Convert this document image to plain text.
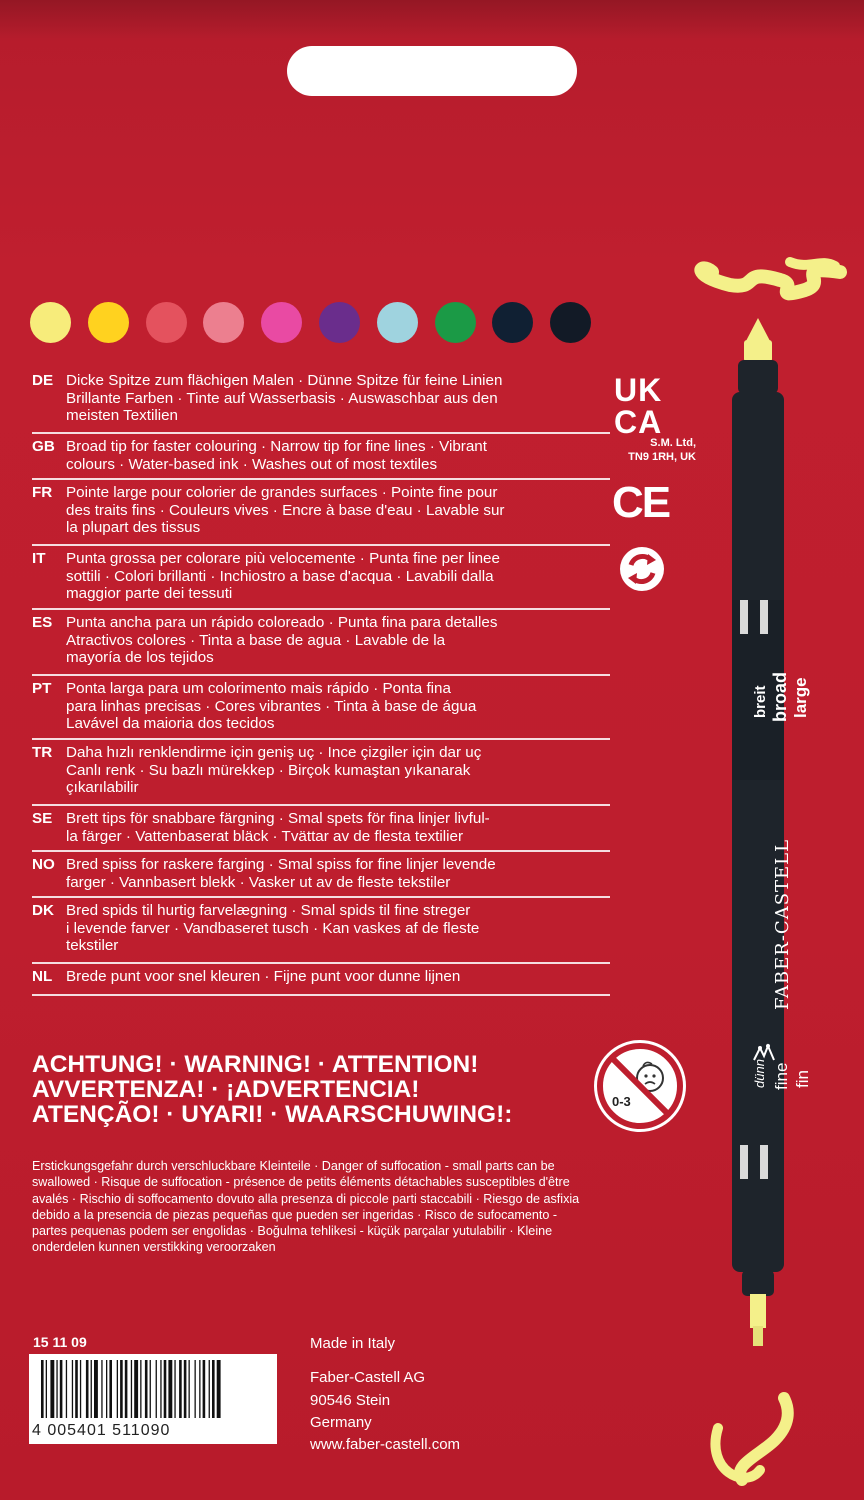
DE Dicke Spitze zum flächigen Malen · Dünne Spitze für feine Linien
Brillante Farben · Tinte auf Wasserbasis · Auswaschbar aus den
meisten Textilien
GB Broad tip for faster colouring · Narrow tip for fine lines · Vibrant
colours · Water-based ink · Washes out of most textiles
FR Pointe large pour colorier de grandes surfaces · Pointe fine pour
des traits fins · Couleurs vives · Encre à base d'eau · Lavable sur
la plupart des tissus
IT	Punta grossa per colorare più velocemente · Punta fine per linee
sottili · Colori brillanti · Inchiostro a base d'acqua · Lavabili dalla
maggior parte dei tessuti
ES Punta ancha para un rápido coloreado · Punta fina para detalles
Atractivos colores · Tinta a base de agua · Lavable de la
mayoría de los tejidos
PT Ponta larga para um colorimento mais rápido · Ponta fina
para linhas precisas · Cores vibrantes · Tinta à base de água
Lavável da maioria dos tecidos
TR Daha hızlı renklendirme için geniş uç · Ince çizgiler için dar uç
Canlı renk · Su bazlı mürekkep · Birçok kumaştan yıkanarak
çıkarılabilir
SE Brett tips för snabbare färgning · Smal spets för fina linjer livful-
la färger · Vattenbaserat bläck · Tvättar av de flesta textilier
NO Bred spiss for raskere farging · Smal spiss for fine linjer levende
farger · Vannbasert blekk · Vasker ut av de fleste tekstiler
DK Bred spids til hurtig farvelægning · Smal spids til fine streger
i levende farver · Vandbaseret tusch · Kan vaskes af de fleste
tekstiler
NL Brede punt voor snel kleuren · Fijne punt voor dunne lijnen
ACHTUNG! · WARNING! · ATTENTION!
AVVERTENZA! · ¡ADVERTENCIA!
ATENÇÃO! · UYARI! · WAARSCHUWING!:
Erstickungsgefahr durch verschluckbare Kleinteile · Danger of suffocation - small parts can be
swallowed · Risque de suffocation - présence de petits éléments détachables susceptibles d'être
avalés · Rischio di soffocamento dovuto alla presenza di piccole parti staccabili · Riesgo de asfixia
debido a la presencia de piezas pequeñas que pueden ser ingeridas · Risco de sufocamento -
partes pequenas podem ser engolidas · Boğulma tehlikesi - küçük parçalar yutulabilir · Kleine
onderdelen kunnen verstikking veroorzaken
UK
CA
S.M. Ltd,
TN9 1RH, UK
CE
0-3
breit broad large
dünn fine fin
FABER-CASTELL
15 11 09
4 005401 511090
Made in Italy
Faber-Castell AG
90546 Stein
Germany
www.faber-castell.com
